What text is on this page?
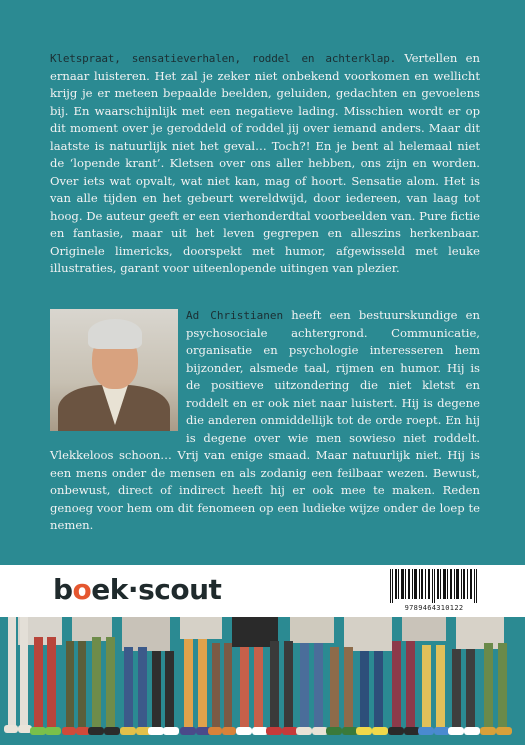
Kletspraat, sensatieverhalen, roddel en achterklap. Vertellen en ernaar luisteren. Het zal je zeker niet onbekend voorkomen en wellicht krijg je er meteen bepaalde beelden, geluiden, gedachten en gevoelens bij. En waarschijnlijk met een negatieve lading. Misschien wordt er op dit moment over je geroddeld of roddel jij over iemand anders. Maar dit laatste is natuurlijk niet het geval… Toch?! En je bent al helemaal niet de ‘lopende krant’. Kletsen over ons aller hebben, ons zijn en worden. Over iets wat opvalt, wat niet kan, mag of hoort. Sensatie alom. Het is van alle tijden en het gebeurt wereldwijd, door iedereen, van laag tot hoog. De auteur geeft er een vierhonderdtal voorbeelden van. Pure fictie en fantasie, maar uit het leven gegrepen en alleszins herkenbaar. Originele limericks, doorspekt met humor, afgewisseld met leuke illustraties, garant voor uiteenlopende uitingen van plezier.
Ad Christianen heeft een bestuurskundige en psychosociale achtergrond. Communicatie, organisatie en psychologie interesseren hem bijzonder, alsmede taal, rijmen en humor. Hij is de positieve uitzondering die niet kletst en roddelt en er ook niet naar luistert. Hij is degene die anderen onmiddellijk tot de orde roept. En hij is degene over wie men sowieso niet roddelt. Vlekkeloos schoon… Vrij van enige smaad. Maar natuurlijk niet. Hij is een mens onder de mensen en als zodanig een feilbaar wezen. Bewust, onbewust, direct of indirect heeft hij er ook mee te maken. Reden genoeg voor hem om dit fenomeen op een ludieke wijze onder de loep te nemen.
boek·scout
9789464310122
